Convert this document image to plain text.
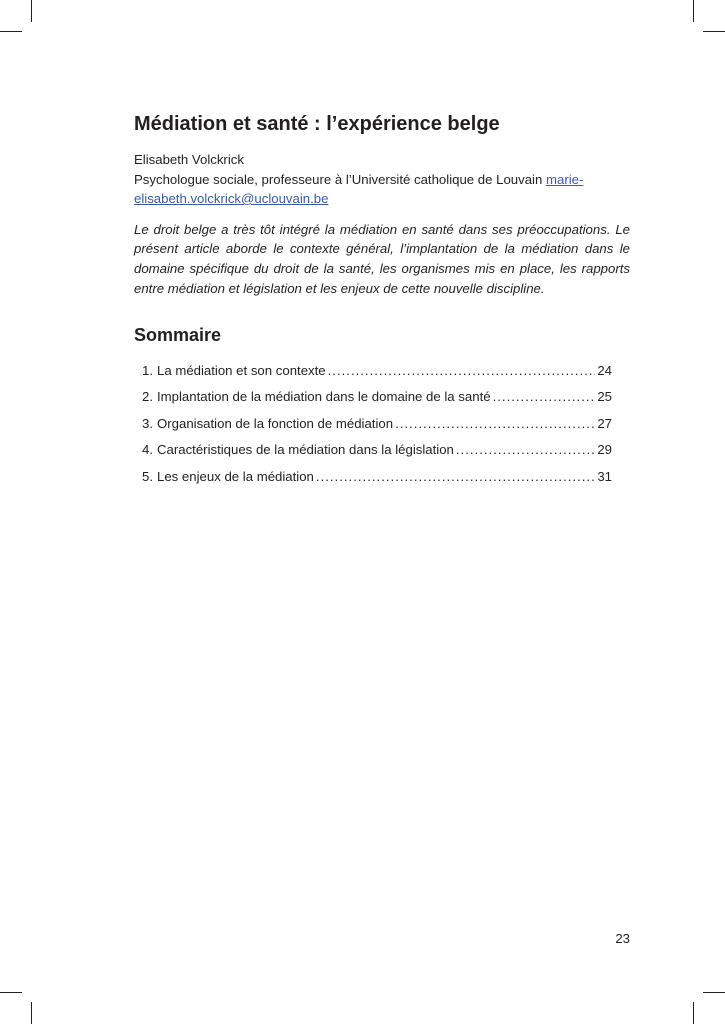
Médiation et santé : l’expérience belge
Elisabeth Volckrick
Psychologue sociale, professeure à l’Université catholique de Louvain marie-
elisabeth.volckrick@uclouvain.be

Le droit belge a très tôt intégré la médiation en santé dans ses préoccupations. Le présent article aborde le contexte général, l’implantation de la médiation dans le domaine spécifique du droit de la santé, les organismes mis en place, les rapports entre médiation et législation et les enjeux de cette nouvelle discipline.

Sommaire
1. La médiation et son contexte .....	24
2. Implantation de la médiation dans le domaine de la santé .....	25
3. Organisation de la fonction de médiation .....	27
4. Caractéristiques de la médiation dans la législation .....	29
5. Les enjeux de la médiation .....	31
23
